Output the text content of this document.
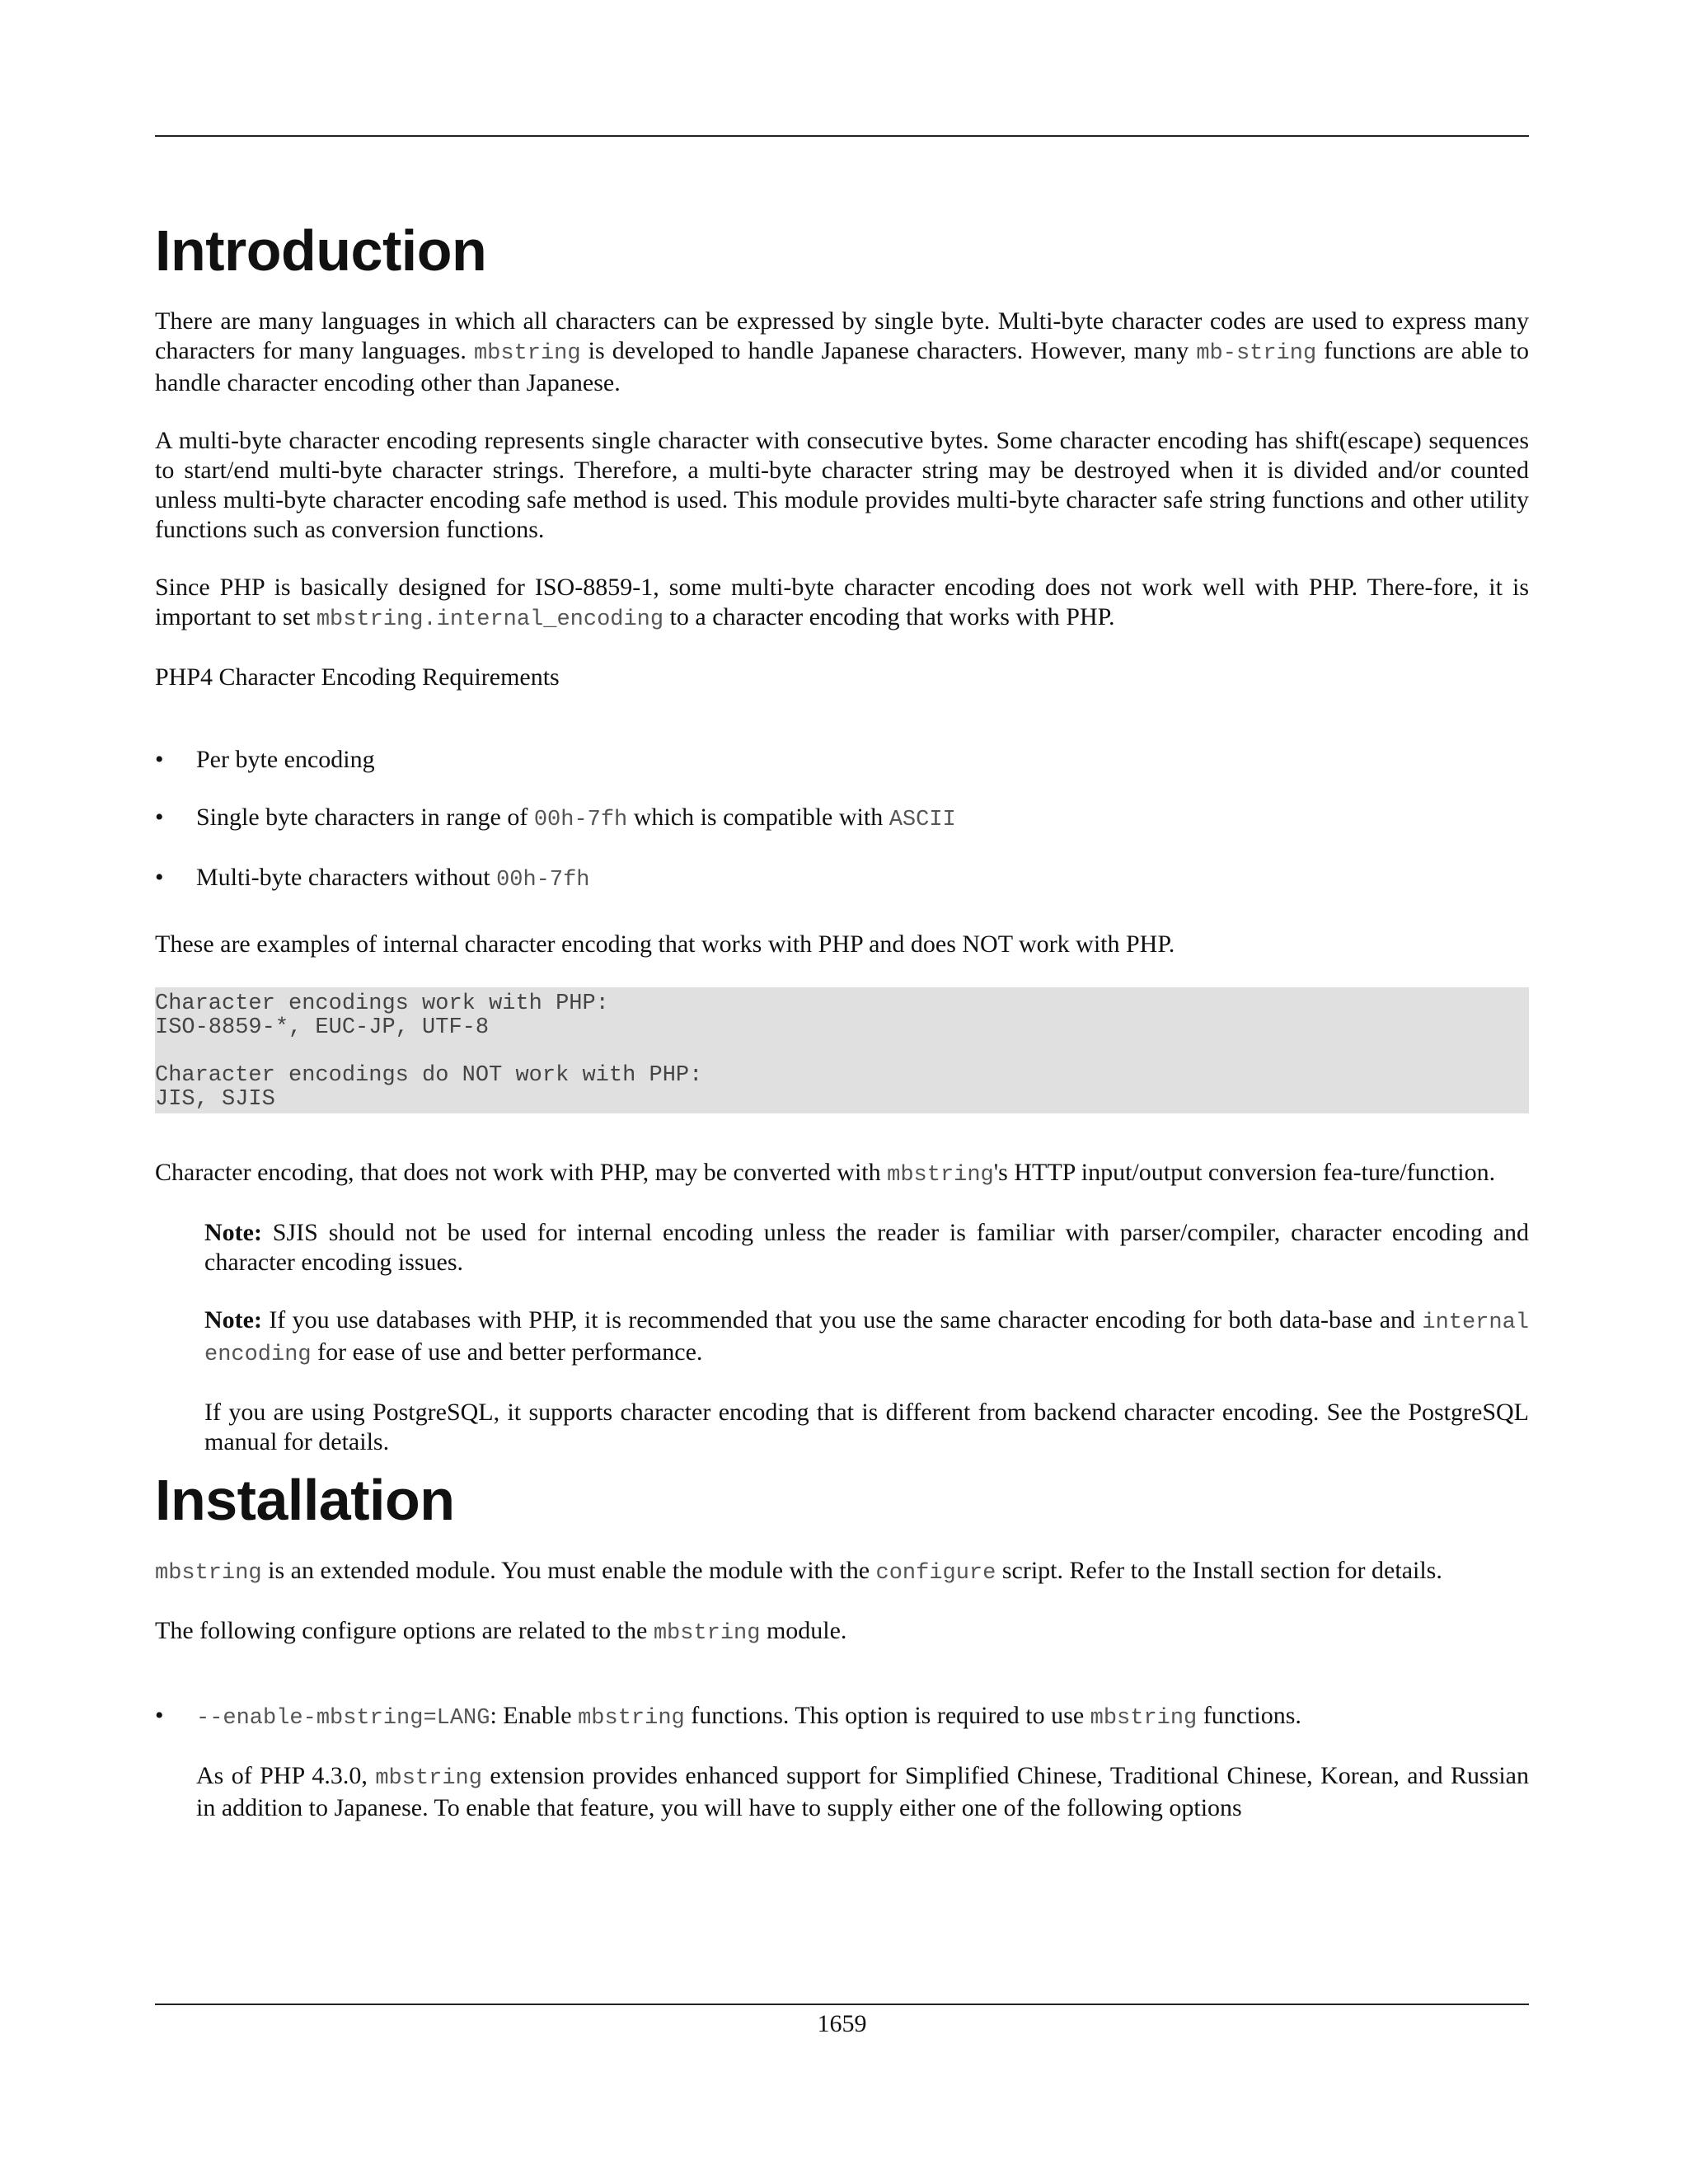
Introduction

There are many languages in which all characters can be expressed by single byte. Multi-byte character codes are used to express many characters for many languages. mbstring is developed to handle Japanese characters. However, many mb-string functions are able to handle character encoding other than Japanese.

A multi-byte character encoding represents single character with consecutive bytes. Some character encoding has shift(escape) sequences to start/end multi-byte character strings. Therefore, a multi-byte character string may be destroyed when it is divided and/or counted unless multi-byte character encoding safe method is used. This module provides multi-byte character safe string functions and other utility functions such as conversion functions.

Since PHP is basically designed for ISO-8859-1, some multi-byte character encoding does not work well with PHP. There-fore, it is important to set mbstring.internal_encoding to a character encoding that works with PHP.

PHP4 Character Encoding Requirements

• Per byte encoding
• Single byte characters in range of 00h-7fh which is compatible with ASCII
• Multi-byte characters without 00h-7fh

These are examples of internal character encoding that works with PHP and does NOT work with PHP.

Character encodings work with PHP:
ISO-8859-*, EUC-JP, UTF-8

Character encodings do NOT work with PHP:
JIS, SJIS

Character encoding, that does not work with PHP, may be converted with mbstring's HTTP input/output conversion fea-ture/function.

Note: SJIS should not be used for internal encoding unless the reader is familiar with parser/compiler, character encoding and character encoding issues.

Note: If you use databases with PHP, it is recommended that you use the same character encoding for both data-base and internal encoding for ease of use and better performance.

If you are using PostgreSQL, it supports character encoding that is different from backend character encoding. See the PostgreSQL manual for details.

Installation

mbstring is an extended module. You must enable the module with the configure script. Refer to the Install section for details.

The following configure options are related to the mbstring module.

• --enable-mbstring=LANG: Enable mbstring functions. This option is required to use mbstring functions.
As of PHP 4.3.0, mbstring extension provides enhanced support for Simplified Chinese, Traditional Chinese, Korean, and Russian in addition to Japanese. To enable that feature, you will have to supply either one of the following options
1659
